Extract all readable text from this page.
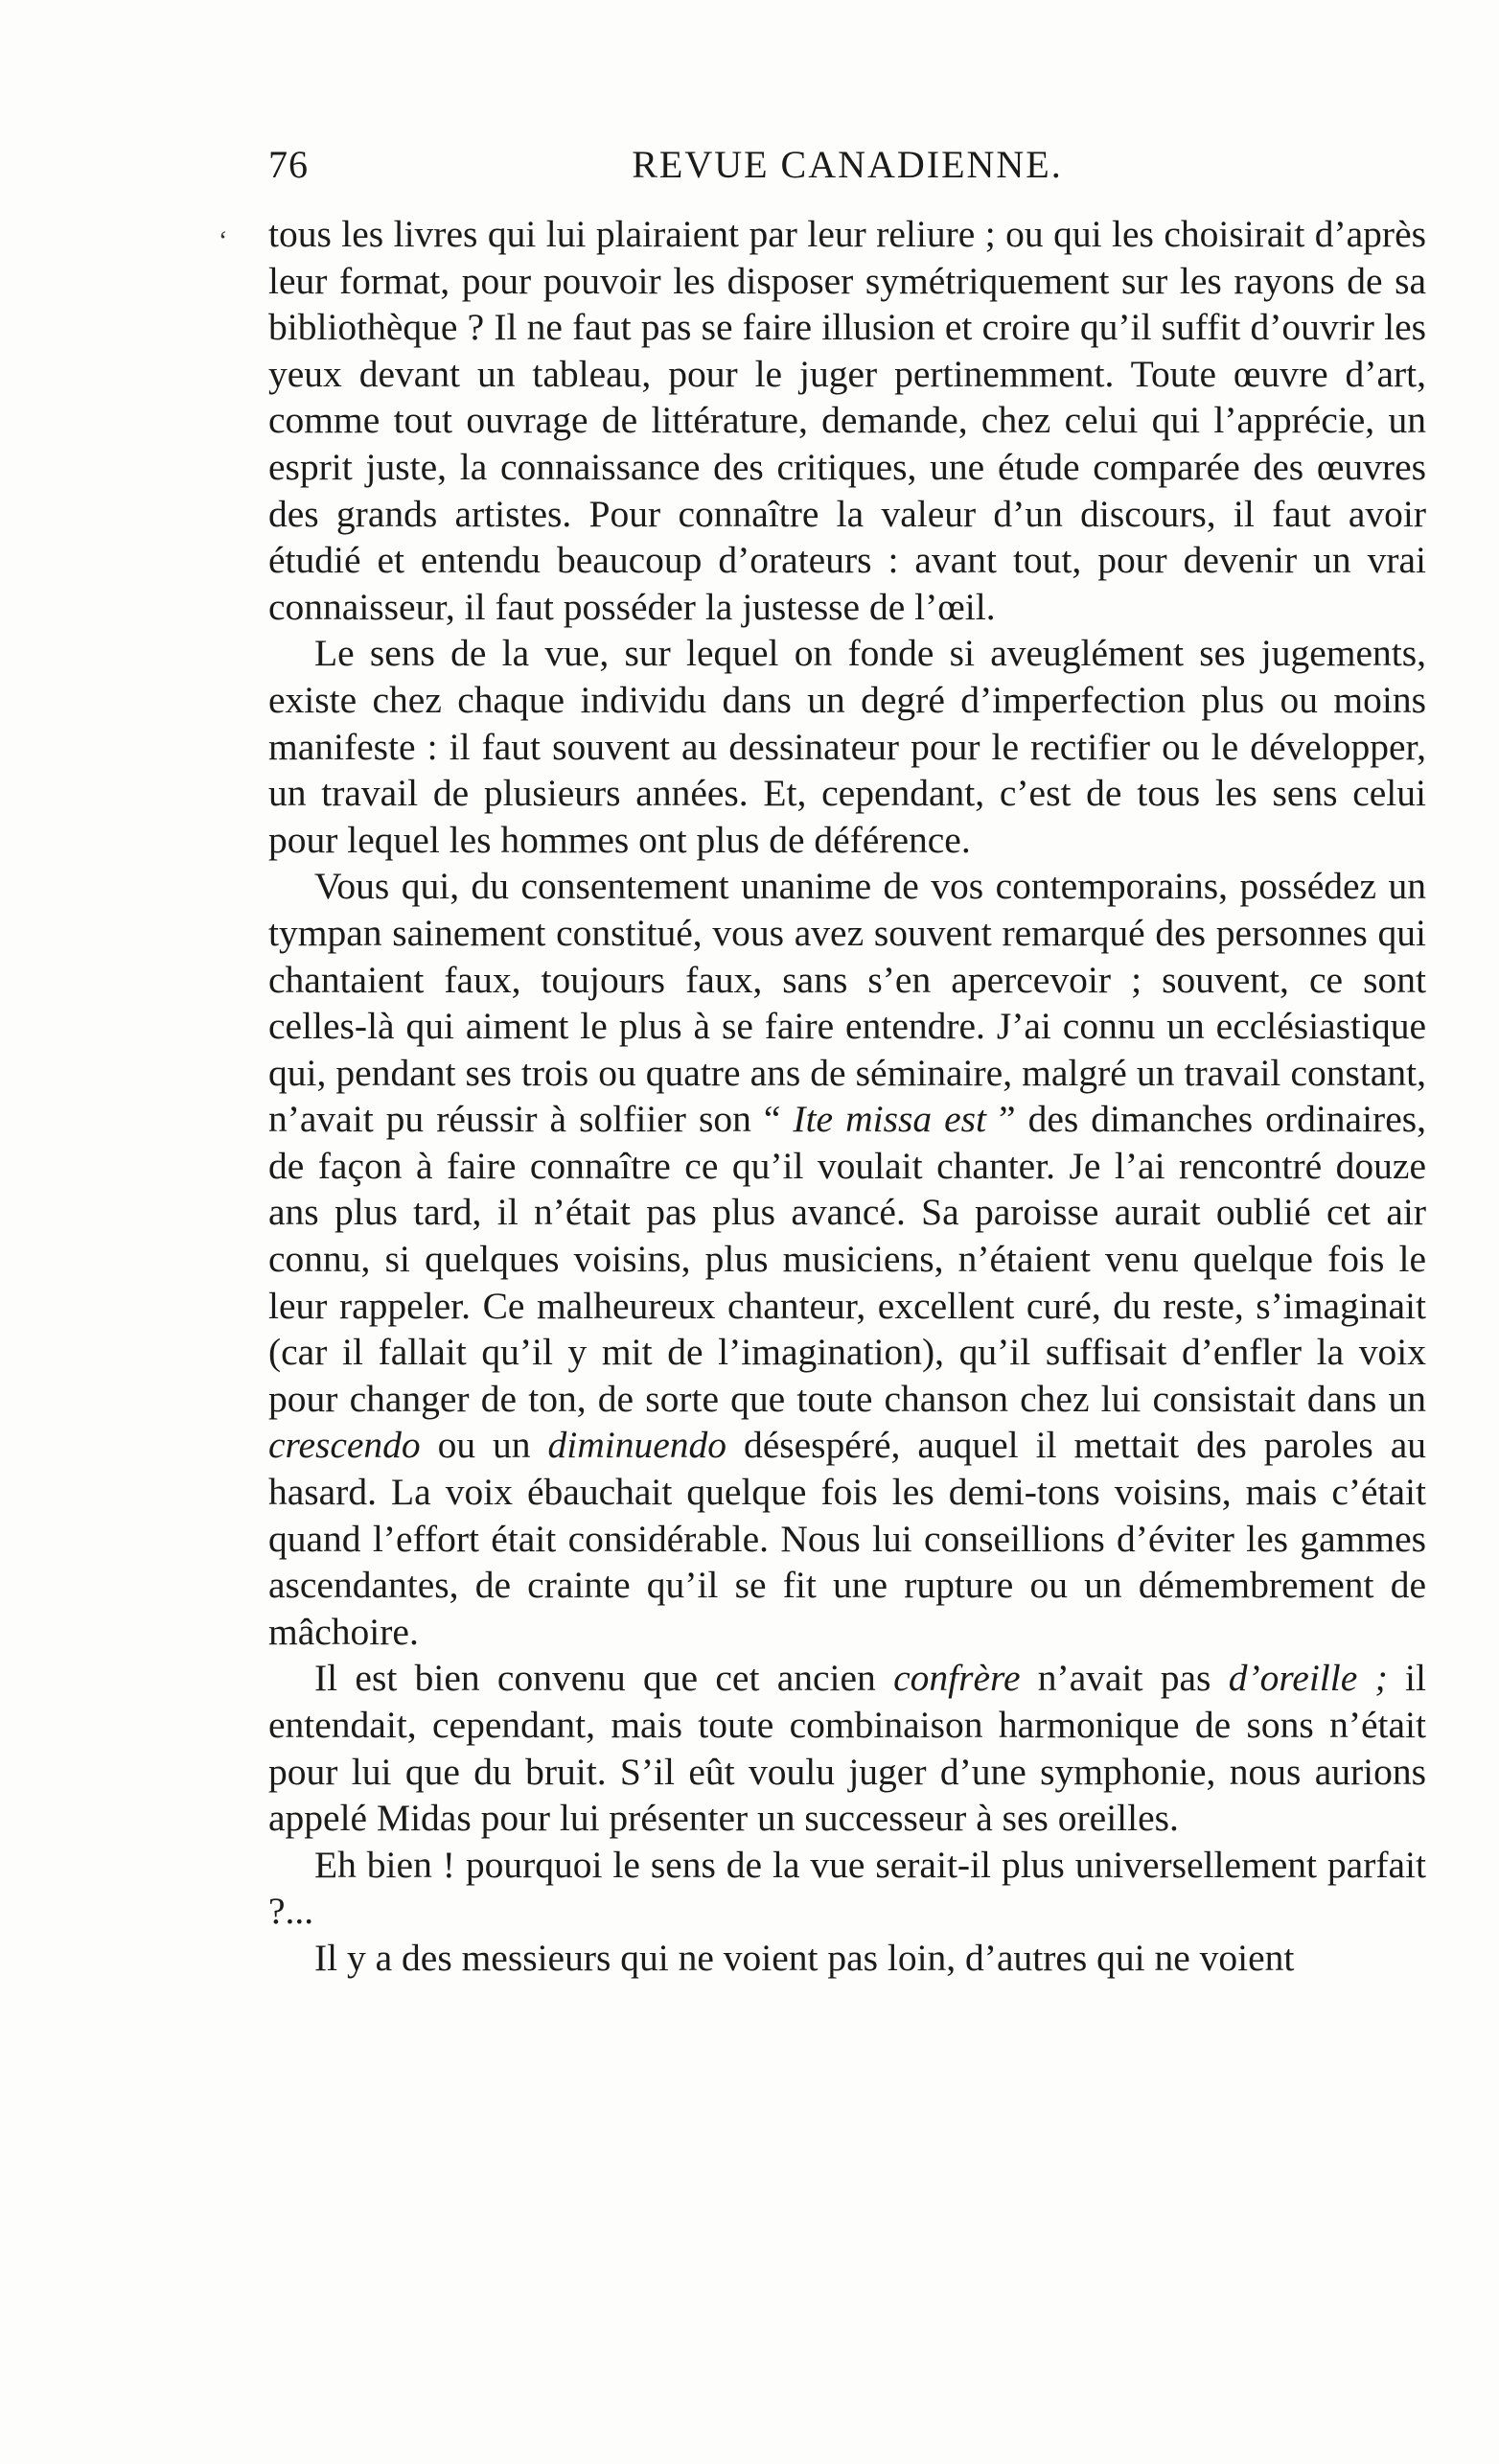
76	REVUE CANADIENNE.
‘ tous les livres qui lui plairaient par leur reliure ; ou qui les choisirait d’après leur format, pour pouvoir les disposer symétriquement sur les rayons de sa bibliothèque ? Il ne faut pas se faire illusion et croire qu’il suffit d’ouvrir les yeux devant un tableau, pour le juger pertinemment. Toute œuvre d’art, comme tout ouvrage de littérature, demande, chez celui qui l’apprécie, un esprit juste, la connaissance des critiques, une étude comparée des œuvres des grands artistes. Pour connaître la valeur d’un discours, il faut avoir étudié et entendu beaucoup d’orateurs : avant tout, pour devenir un vrai connaisseur, il faut posséder la justesse de l’œil.

Le sens de la vue, sur lequel on fonde si aveuglément ses jugements, existe chez chaque individu dans un degré d’imperfection plus ou moins manifeste : il faut souvent au dessinateur pour le rectifier ou le développer, un travail de plusieurs années. Et, cependant, c’est de tous les sens celui pour lequel les hommes ont plus de déférence.

Vous qui, du consentement unanime de vos contemporains, possédez un tympan sainement constitué, vous avez souvent remarqué des personnes qui chantaient faux, toujours faux, sans s’en apercevoir ; souvent, ce sont celles-là qui aiment le plus à se faire entendre. J’ai connu un ecclésiastique qui, pendant ses trois ou quatre ans de séminaire, malgré un travail constant, n’avait pu réussir à solfiier son “ Ite missa est ” des dimanches ordinaires, de façon à faire connaître ce qu’il voulait chanter. Je l’ai rencontré douze ans plus tard, il n’était pas plus avancé. Sa paroisse aurait oublié cet air connu, si quelques voisins, plus musiciens, n’étaient venu quelque fois le leur rappeler. Ce malheureux chanteur, excellent curé, du reste, s’imaginait (car il fallait qu’il y mit de l’imagination), qu’il suffisait d’enfler la voix pour changer de ton, de sorte que toute chanson chez lui consistait dans un crescendo ou un diminuendo désespéré, auquel il mettait des paroles au hasard. La voix ébauchait quelque fois les demi-tons voisins, mais c’était quand l’effort était considérable. Nous lui conseillions d’éviter les gammes ascendantes, de crainte qu’il se fit une rupture ou un démembrement de mâchoire.

Il est bien convenu que cet ancien confrère n’avait pas d’oreille ; il entendait, cependant, mais toute combinaison harmonique de sons n’était pour lui que du bruit. S’il eût voulu juger d’une symphonie, nous aurions appelé Midas pour lui présenter un successeur à ses oreilles.

Eh bien ! pourquoi le sens de la vue serait-il plus universellement parfait ?...

Il y a des messieurs qui ne voient pas loin, d’autres qui ne voient
